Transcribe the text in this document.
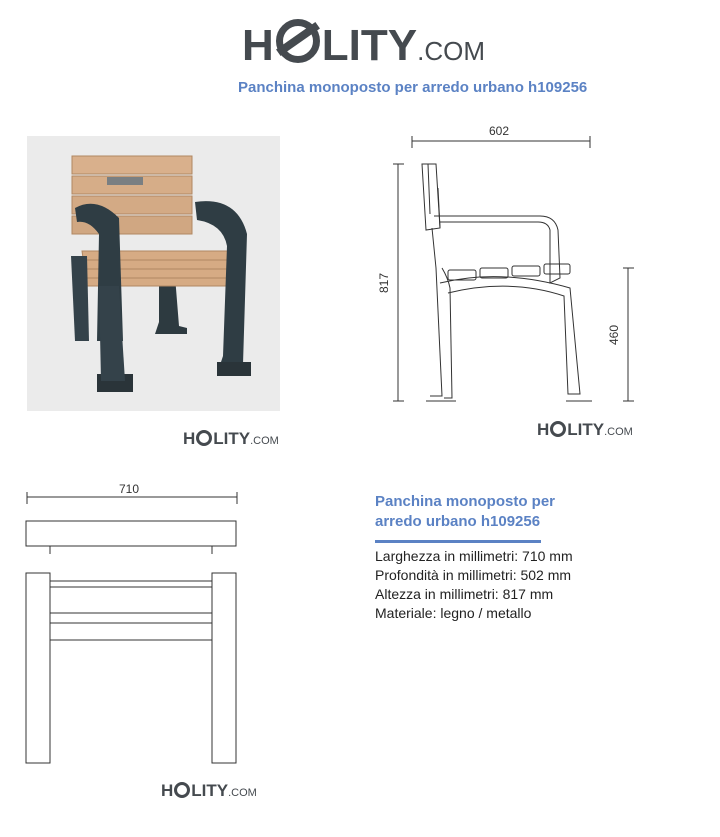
H LITY .COM
Panchina monoposto per arredo urbano h109256
H LITY .COM
602
817
460
H LITY .COM
710
H LITY .COM
Panchina monoposto per
arredo urbano h109256
Larghezza in millimetri: 710 mm
Profondità in millimetri: 502 mm
Altezza in millimetri: 817 mm
Materiale: legno / metallo
